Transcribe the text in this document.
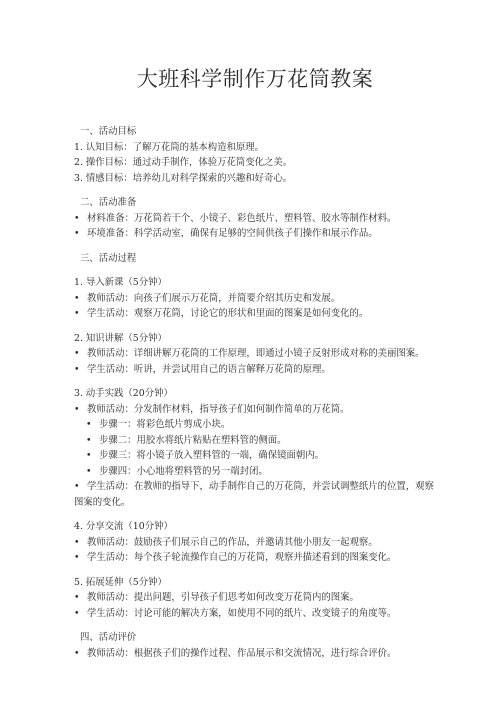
大班科学制作万花筒教案
一、活动目标
1. 认知目标：了解万花筒的基本构造和原理。
2. 操作目标：通过动手制作，体验万花筒变化之美。
3. 情感目标：培养幼儿对科学探索的兴趣和好奇心。
二、活动准备
• 材料准备：万花筒若干个、小镜子、彩色纸片、塑料管、胶水等制作材料。
• 环境准备：科学活动室，确保有足够的空间供孩子们操作和展示作品。
三、活动过程
1. 导入新课（5分钟）
• 教师活动：向孩子们展示万花筒，并简要介绍其历史和发展。
• 学生活动：观察万花筒，讨论它的形状和里面的图案是如何变化的。
2. 知识讲解（5分钟）
• 教师活动：详细讲解万花筒的工作原理，即通过小镜子反射形成对称的美丽图案。
• 学生活动：听讲，并尝试用自己的语言解释万花筒的原理。
3. 动手实践（20分钟）
• 教师活动：分发制作材料，指导孩子们如何制作简单的万花筒。
• 步骤一：将彩色纸片剪成小块。
• 步骤二：用胶水将纸片粘贴在塑料管的侧面。
• 步骤三：将小镜子放入塑料管的一端，确保镜面朝内。
• 步骤四：小心地将塑料管的另一端封闭。
• 学生活动：在教师的指导下，动手制作自己的万花筒，并尝试调整纸片的位置，观察图案的变化。
4. 分享交流（10分钟）
• 教师活动：鼓励孩子们展示自己的作品，并邀请其他小朋友一起观察。
• 学生活动：每个孩子轮流操作自己的万花筒，观察并描述看到的图案变化。
5. 拓展延伸（5分钟）
• 教师活动：提出问题，引导孩子们思考如何改变万花筒内的图案。
• 学生活动：讨论可能的解决方案，如使用不同的纸片、改变镜子的角度等。
四、活动评价
• 教师活动：根据孩子们的操作过程、作品展示和交流情况，进行综合评价。
